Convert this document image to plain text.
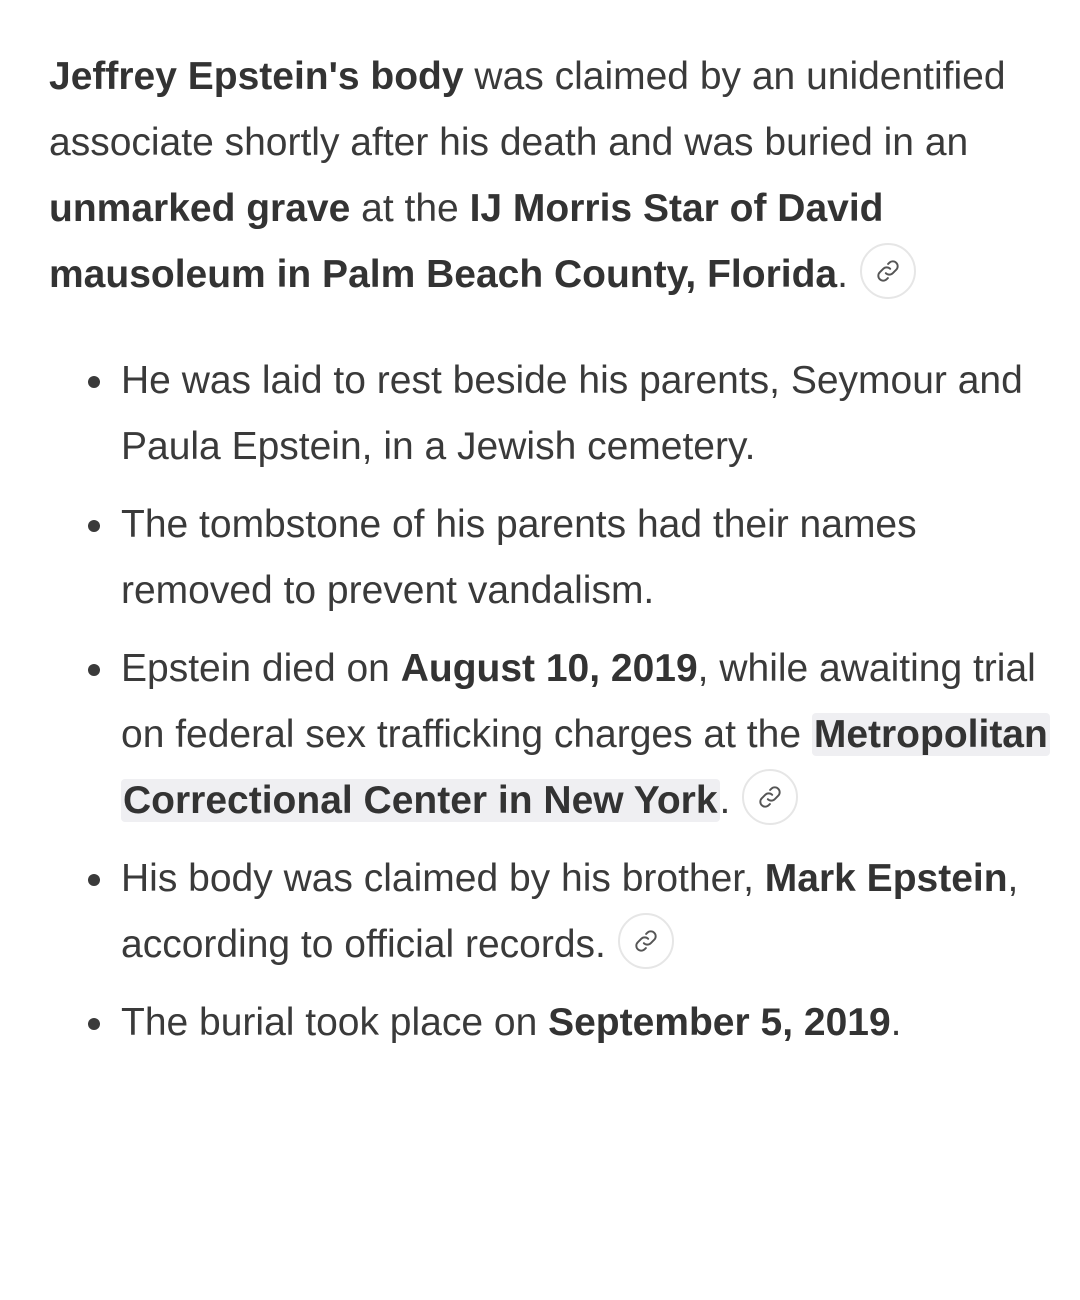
Jeffrey Epstein's body was claimed by an unidentified associate shortly after his death and was buried in an unmarked grave at the IJ Morris Star of David mausoleum in Palm Beach County, Florida.

He was laid to rest beside his parents, Seymour and Paula Epstein, in a Jewish cemetery.
The tombstone of his parents had their names removed to prevent vandalism.
Epstein died on August 10, 2019, while awaiting trial on federal sex trafficking charges at the Metropolitan Correctional Center in New York.
His body was claimed by his brother, Mark Epstein, according to official records.
The burial took place on September 5, 2019.
